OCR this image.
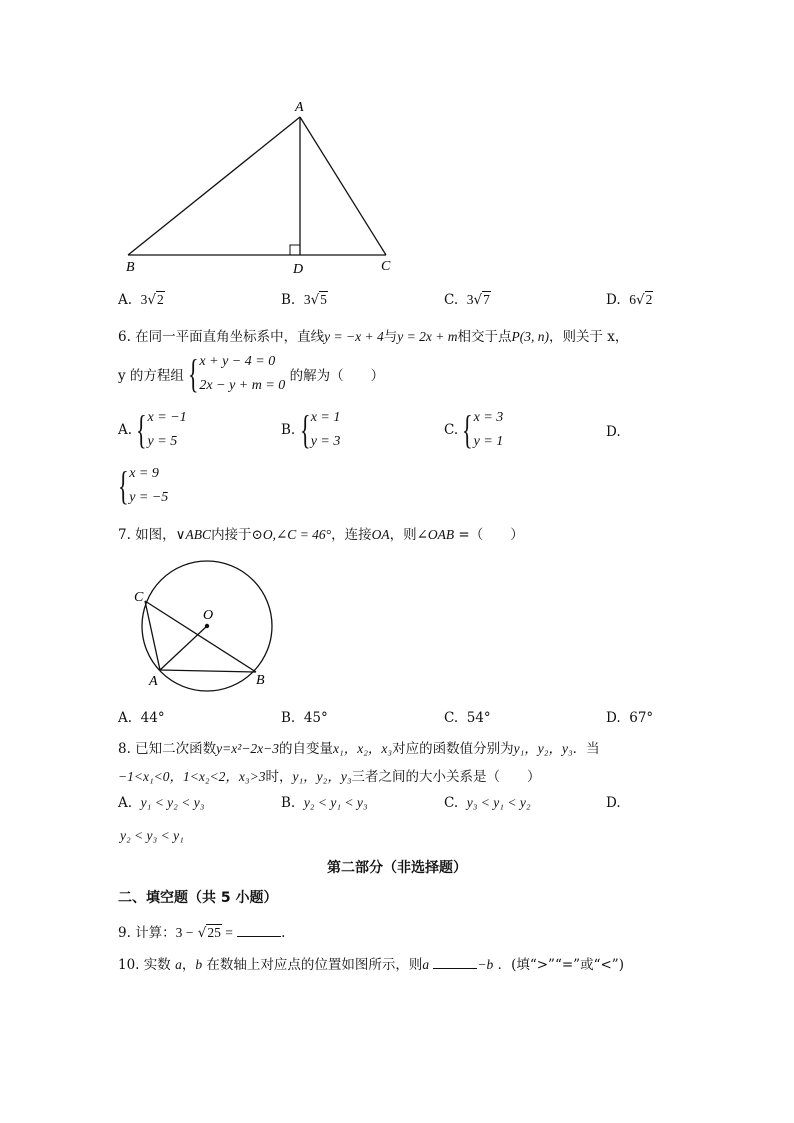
A
B	D	C
A. 3√2	B. 3√5	C. 3√7	D. 6√2
6. 在同一平面直角坐标系中，直线y = −x + 4与y = 2x + m相交于点P(3, n)，则关于 x，
y 的方程组 { x + y − 4 = 0
2x − y + m = 0
的解为（　　）
A. { x = −1
y = 5
B. { x = 1
y = 3
C. { x = 3
y = 1
D.
{ x = 9
y = −5
7. 如图，∨ABC内接于⊙O,∠C = 46°，连接OA，则∠OAB =（　　）
C
O
A	B
A. 44°	B. 45°	C. 54°	D. 67°
8. 已知二次函数y=x²−2x−3的自变量x₁，x₂，x₃对应的函数值分别为y₁，y₂，y₃．当
−1<x₁<0，1<x₂<2，x₃>3时，y₁，y₂，y₃三者之间的大小关系是（　　）
A. y₁ < y₂ < y₃	B. y₂ < y₁ < y₃	C. y₃ < y₁ < y₂	D.
y₂ < y₃ < y₁
第二部分（非选择题）
二、填空题（共 5 小题）
9. 计算：3 − √25 =	.
10. 实数 a，b 在数轴上对应点的位置如图所示，则a	−b ．(填“>”“=”或“<”)
